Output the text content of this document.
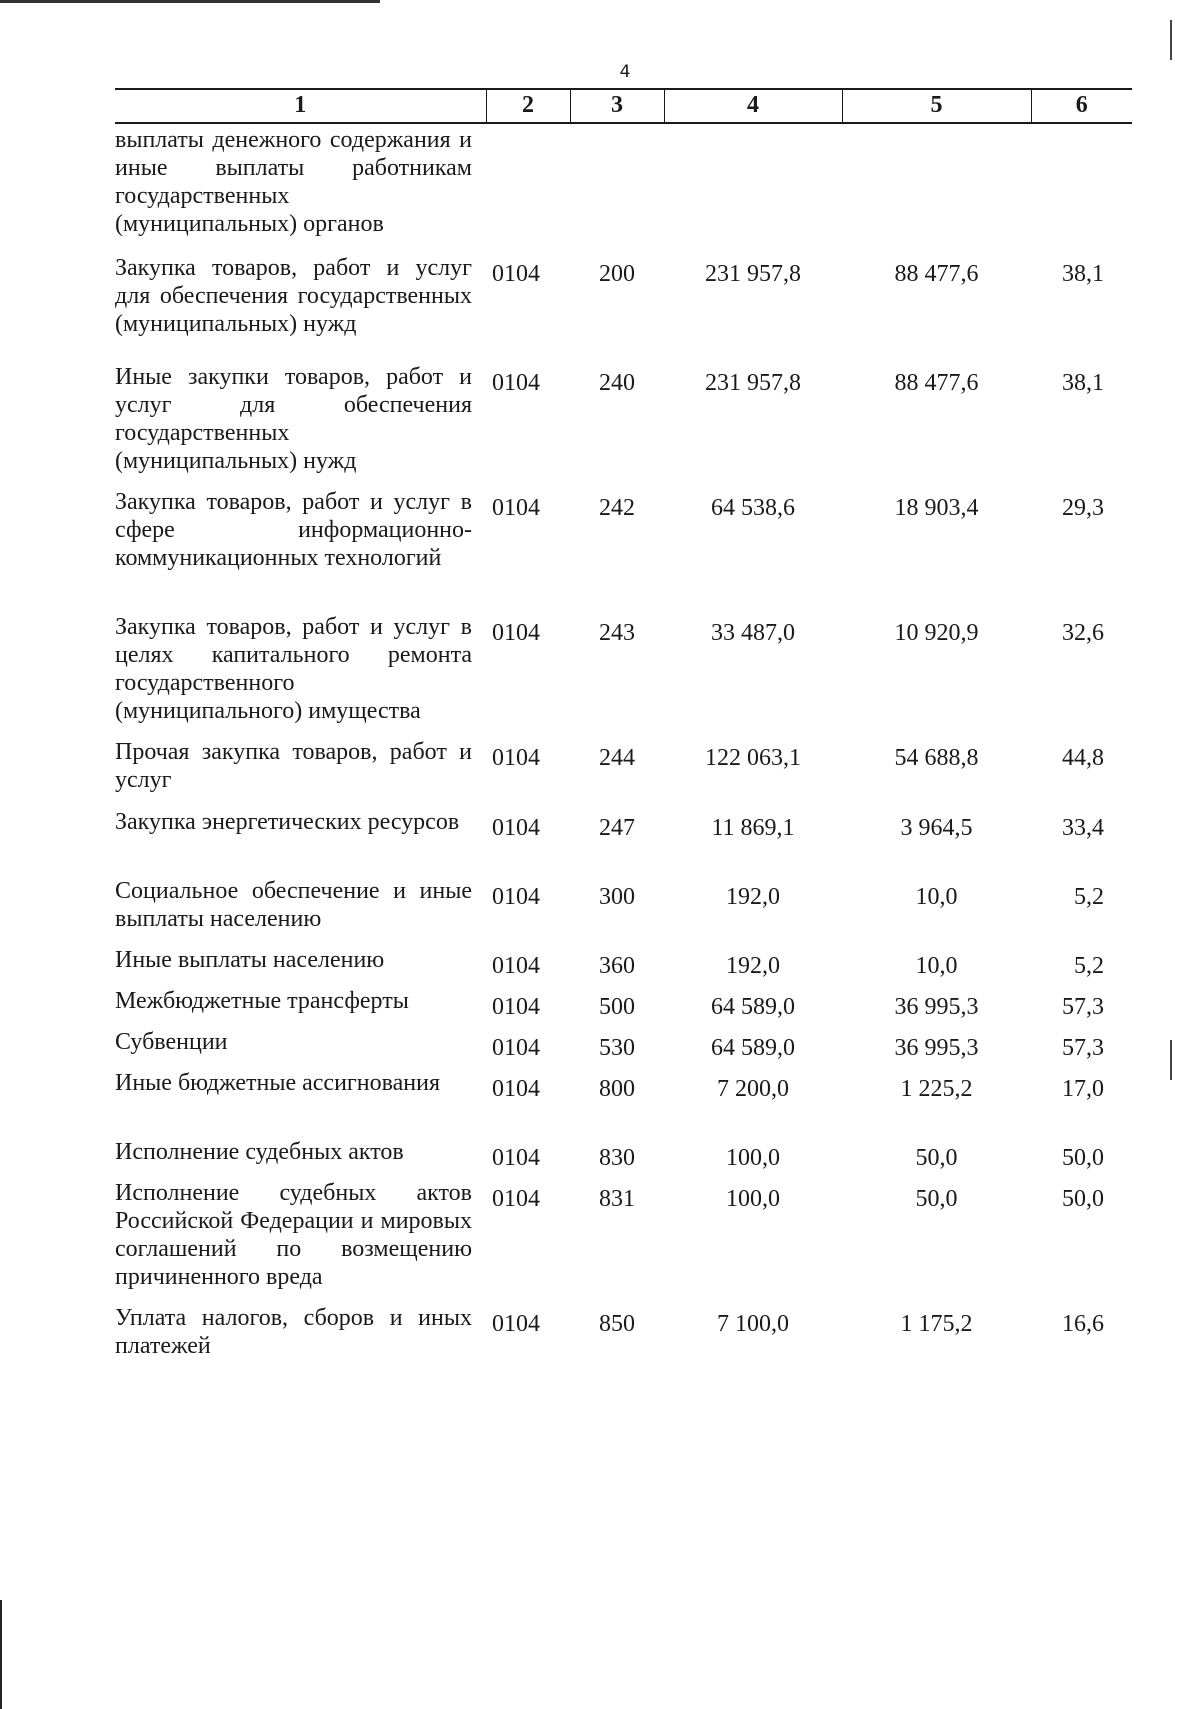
4
1	2	3	4	5	6
выплаты денежного содержания и иные выплаты работникам государственных (муниципальных) органов					
Закупка товаров, работ и услуг для обеспечения государственных (муниципальных) нужд	0104	200	231 957,8	88 477,6	38,1
Иные закупки товаров, работ и услуг для обеспечения государственных (муниципальных) нужд	0104	240	231 957,8	88 477,6	38,1
Закупка товаров, работ и услуг в сфере информационно-коммуникационных технологий	0104	242	64 538,6	18 903,4	29,3
Закупка товаров, работ и услуг в целях капитального ремонта государственного (муниципального) имущества	0104	243	33 487,0	10 920,9	32,6
Прочая закупка товаров, работ и услуг	0104	244	122 063,1	54 688,8	44,8
Закупка энергетических ресурсов	0104	247	11 869,1	3 964,5	33,4
Социальное обеспечение и иные выплаты населению	0104	300	192,0	10,0	5,2
Иные выплаты населению	0104	360	192,0	10,0	5,2
Межбюджетные трансферты	0104	500	64 589,0	36 995,3	57,3
Субвенции	0104	530	64 589,0	36 995,3	57,3
Иные бюджетные ассигнования	0104	800	7 200,0	1 225,2	17,0
Исполнение судебных актов	0104	830	100,0	50,0	50,0
Исполнение судебных актов Российской Федерации и мировых соглашений по возмещению причиненного вреда	0104	831	100,0	50,0	50,0
Уплата налогов, сборов и иных платежей	0104	850	7 100,0	1 175,2	16,6
